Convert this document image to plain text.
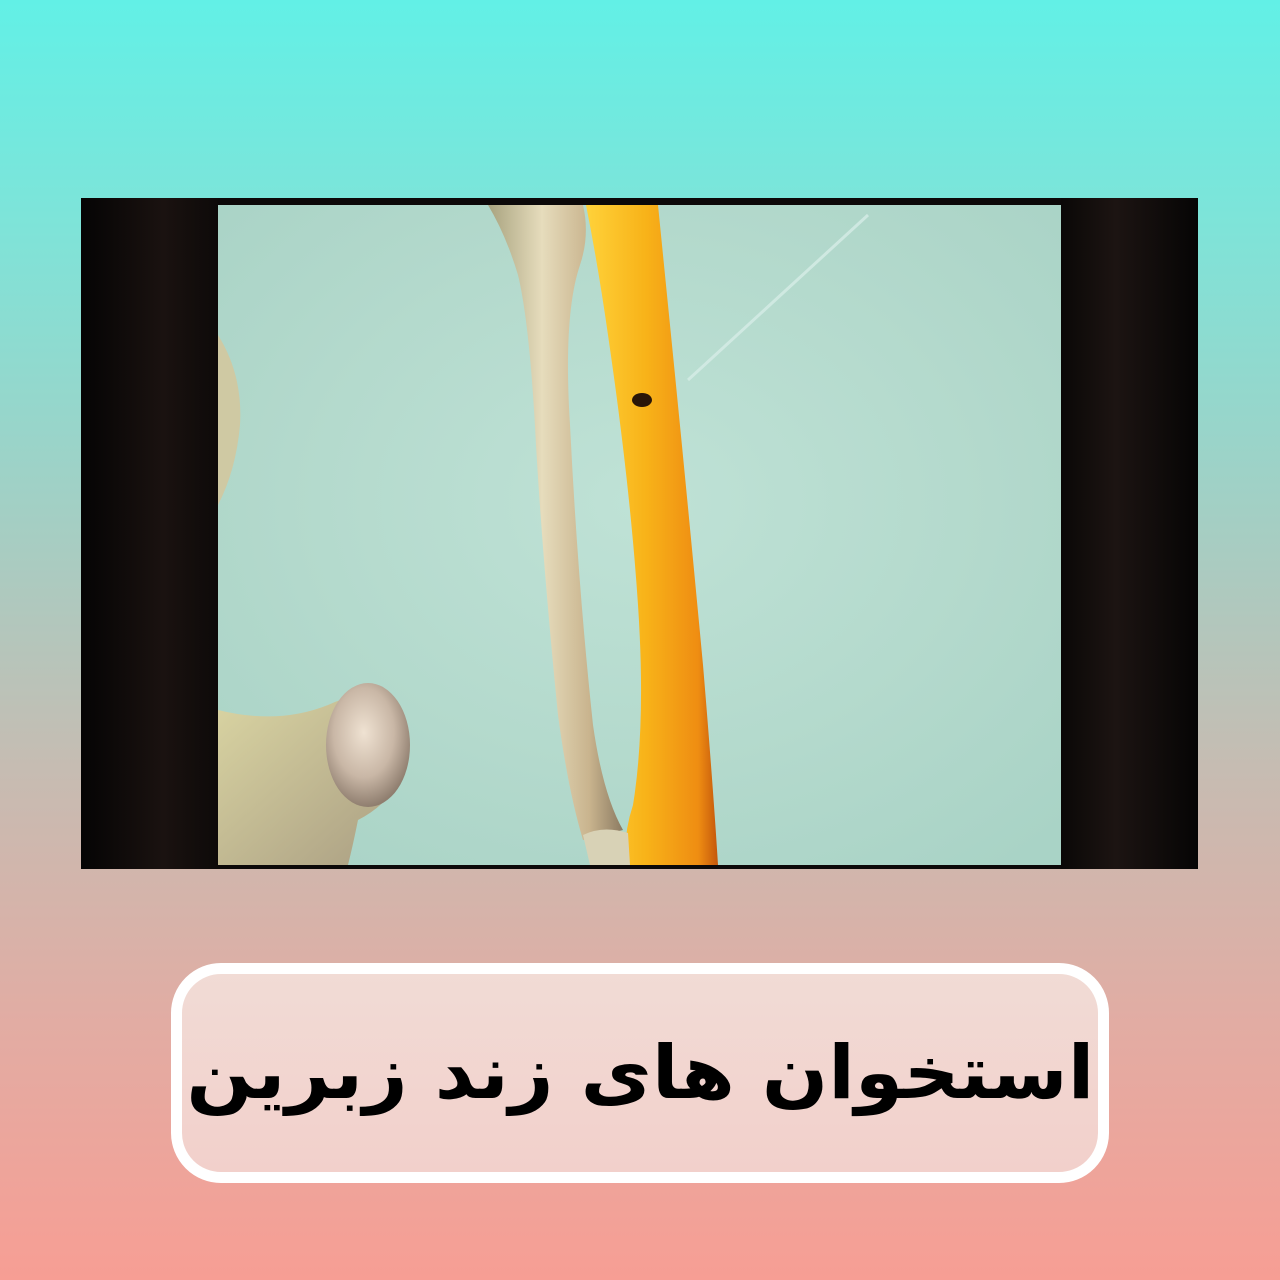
استخوان های زند زبرین
